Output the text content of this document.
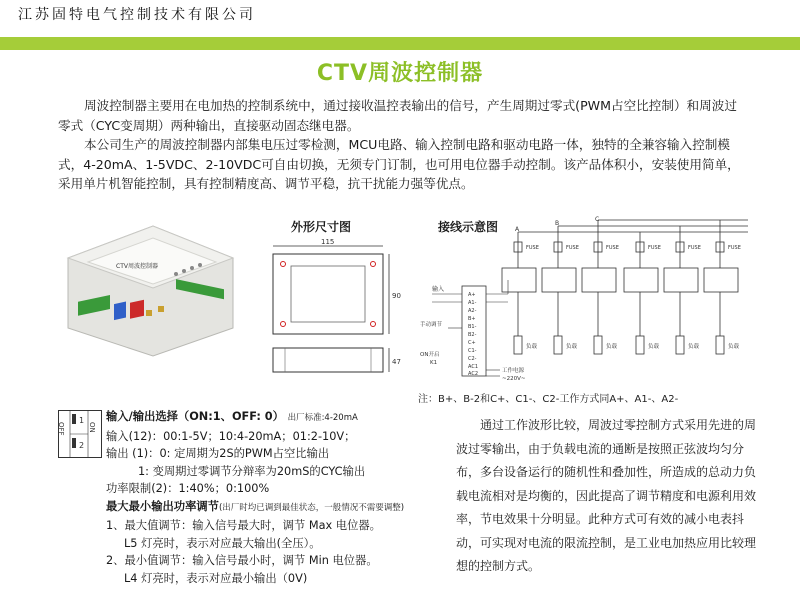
江苏固特电气控制技术有限公司
CTV周波控制器

周波控制器主要用在电加热的控制系统中，通过接收温控表输出的信号，产生周期过零式(PWM占空比控制）和周波过零式（CYC变周期）两种输出，直接驱动固态继电器。

本公司生产的周波控制器内部集电压过零检测，MCU电路、输入控制电路和驱动电路一体，独特的全兼容输入控制模式，4-20mA、1-5VDC、2-10VDC可自由切换，无须专门订制，也可用电位器手动控制。该产品体积小，安装使用简单，采用单片机智能控制，具有控制精度高、调节平稳，抗干扰能力强等优点。

CTV周波控制器
外形尺寸图
115
90
47
接线示意图	A
B
C
FUSE	FUSE	FUSE	FUSE	FUSE	FUSE
负载	负载	负载	负载	负载	负载
A+
A1-
A2-
B+
B1-
B2-
C+
C1-
C2-
AC1
AC2
输入
手动调节
ON开启
K1
工作电源
~220V~
注：B+、B-2和C+、C1-、C2-工作方式同A+、A1-、A2-
OFF
1
2
ON
输入/输出选择（ON:1、OFF: 0） 出厂标准:4-20mA
输入(12)：00:1-5V；10:4-20mA；01:2-10V；
输出 (1)：0: 定周期为2S的PWM占空比输出
1: 变周期过零调节分辩率为20mS的CYC输出
功率限制(2)：1:40%；0:100%
最大最小输出功率调节(出厂时均已调到最佳状态，一般情况不需要调整)
1、最大值调节：输入信号最大时，调节 Max 电位器。
L5 灯亮时，表示对应最大输出(全压）。
2、最小值调节：输入信号最小时，调节 Min 电位器。
L4 灯亮时，表示对应最小输出（0V)

通过工作波形比较，周波过零控制方式采用先进的周波过零输出，由于负载电流的通断是按照正弦波均匀分布，多台设备运行的随机性和叠加性，所造成的总动力负载电流相对是均衡的，因此提高了调节精度和电源利用效率，节电效果十分明显。此种方式可有效的减小电表抖动，可实现对电流的限流控制，是工业电加热应用比较理想的控制方式。
